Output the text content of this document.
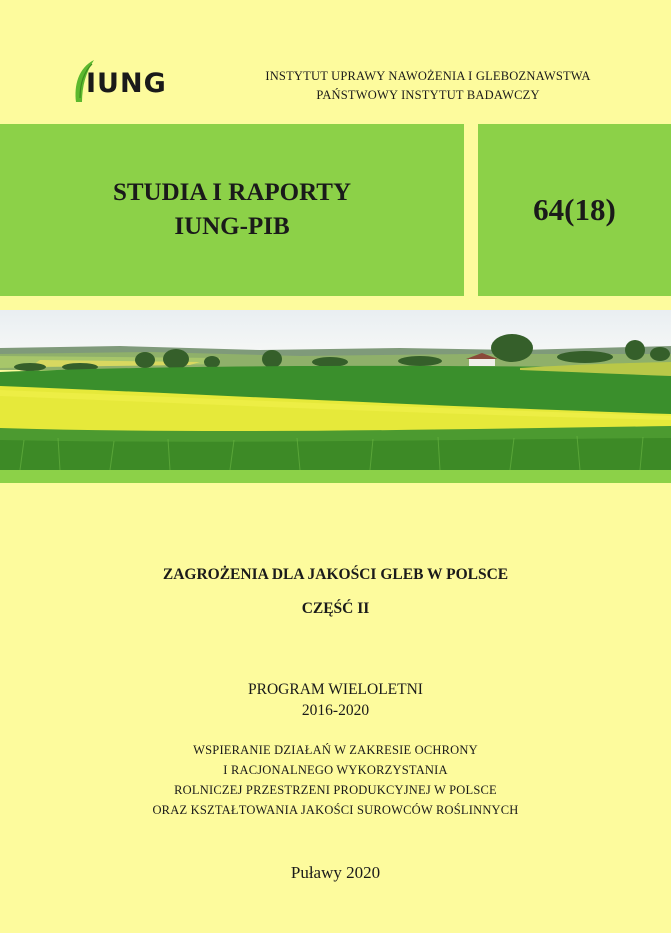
IUNG	INSTYTUT UPRAWY NAWOŻENIA I GLEBOZNAWSTWA
PAŃSTWOWY INSTYTUT BADAWCZY
STUDIA I RAPORTY
IUNG-PIB	64(18)
ZAGROŻENIA DLA JAKOŚCI GLEB W POLSCE
CZĘŚĆ II
PROGRAM WIELOLETNI
2016-2020
WSPIERANIE DZIAŁAŃ W ZAKRESIE OCHRONY
I RACJONALNEGO WYKORZYSTANIA
ROLNICZEJ PRZESTRZENI PRODUKCYJNEJ W POLSCE
ORAZ KSZTAŁTOWANIA JAKOŚCI SUROWCÓW ROŚLINNYCH
Puławy 2020
